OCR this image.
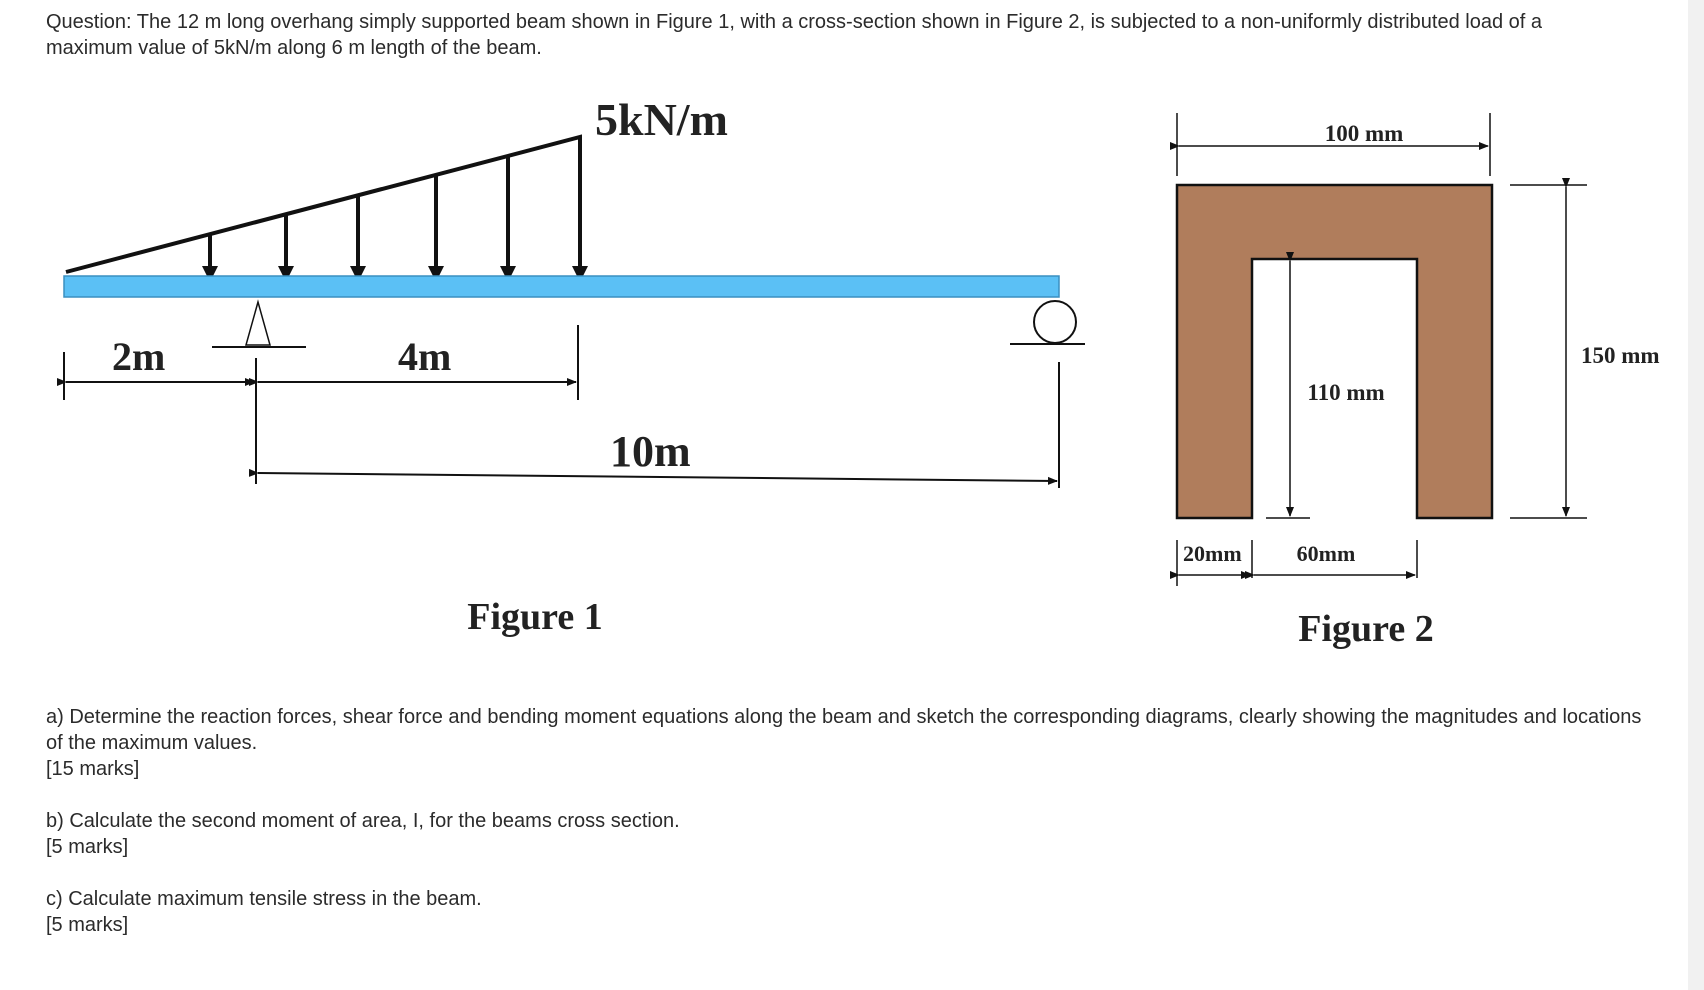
Question: The 12 m long overhang simply supported beam shown in Figure 1, with a cross-section shown in Figure 2, is subjected to a non-uniformly distributed load of a maximum value of 5kN/m along 6 m length of the beam.

5kN/m
2m	4m
10m
Figure 1
100 mm
150 mm
110 mm
20mm	60mm
Figure 2

a) Determine the reaction forces, shear force and bending moment equations along the beam and sketch the corresponding diagrams, clearly showing the magnitudes and locations of the maximum values.

[15 marks]

b) Calculate the second moment of area, I, for the beams cross section.

[5 marks]

c) Calculate maximum tensile stress in the beam.

[5 marks]
